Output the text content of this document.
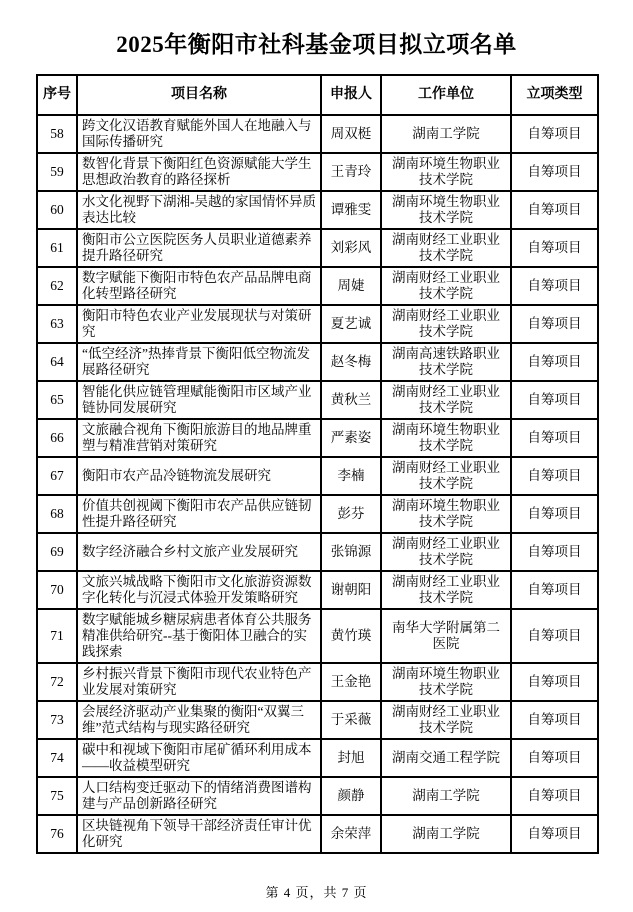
2025年衡阳市社科基金项目拟立项名单
序号	项目名称	申报人	工作单位	立项类型
58	跨文化汉语教育赋能外国人在地融入与国际传播研究	周双梃	湖南工学院	自筹项目
59	数智化背景下衡阳红色资源赋能大学生思想政治教育的路径探析	王青玲	湖南环境生物职业技术学院	自筹项目
60	水文化视野下湖湘-吴越的家国情怀异质表达比较	谭雅雯	湖南环境生物职业技术学院	自筹项目
61	衡阳市公立医院医务人员职业道德素养提升路径研究	刘彩风	湖南财经工业职业技术学院	自筹项目
62	数字赋能下衡阳市特色农产品品牌电商化转型路径研究	周婕	湖南财经工业职业技术学院	自筹项目
63	衡阳市特色农业产业发展现状与对策研究	夏艺诚	湖南财经工业职业技术学院	自筹项目
64	“低空经济”热捧背景下衡阳低空物流发展路径研究	赵冬梅	湖南高速铁路职业技术学院	自筹项目
65	智能化供应链管理赋能衡阳市区域产业链协同发展研究	黄秋兰	湖南财经工业职业技术学院	自筹项目
66	文旅融合视角下衡阳旅游目的地品牌重塑与精准营销对策研究	严素姿	湖南环境生物职业技术学院	自筹项目
67	衡阳市农产品冷链物流发展研究	李楠	湖南财经工业职业技术学院	自筹项目
68	价值共创视阈下衡阳市农产品供应链韧性提升路径研究	彭芬	湖南环境生物职业技术学院	自筹项目
69	数字经济融合乡村文旅产业发展研究	张锦源	湖南财经工业职业技术学院	自筹项目
70	文旅兴城战略下衡阳市文化旅游资源数字化转化与沉浸式体验开发策略研究	谢朝阳	湖南财经工业职业技术学院	自筹项目
71	数字赋能城乡糖尿病患者体育公共服务精准供给研究--基于衡阳体卫融合的实践探索	黄竹瑛	南华大学附属第二医院	自筹项目
72	乡村振兴背景下衡阳市现代农业特色产业发展对策研究	王金艳	湖南环境生物职业技术学院	自筹项目
73	会展经济驱动产业集聚的衡阳“双翼三维”范式结构与现实路径研究	于采薇	湖南财经工业职业技术学院	自筹项目
74	碳中和视域下衡阳市尾矿循环利用成本——收益模型研究	封旭	湖南交通工程学院	自筹项目
75	人口结构变迁驱动下的情绪消费图谱构建与产品创新路径研究	颜静	湖南工学院	自筹项目
76	区块链视角下领导干部经济责任审计优化研究	余荣萍	湖南工学院	自筹项目
第 4 页，共 7 页
